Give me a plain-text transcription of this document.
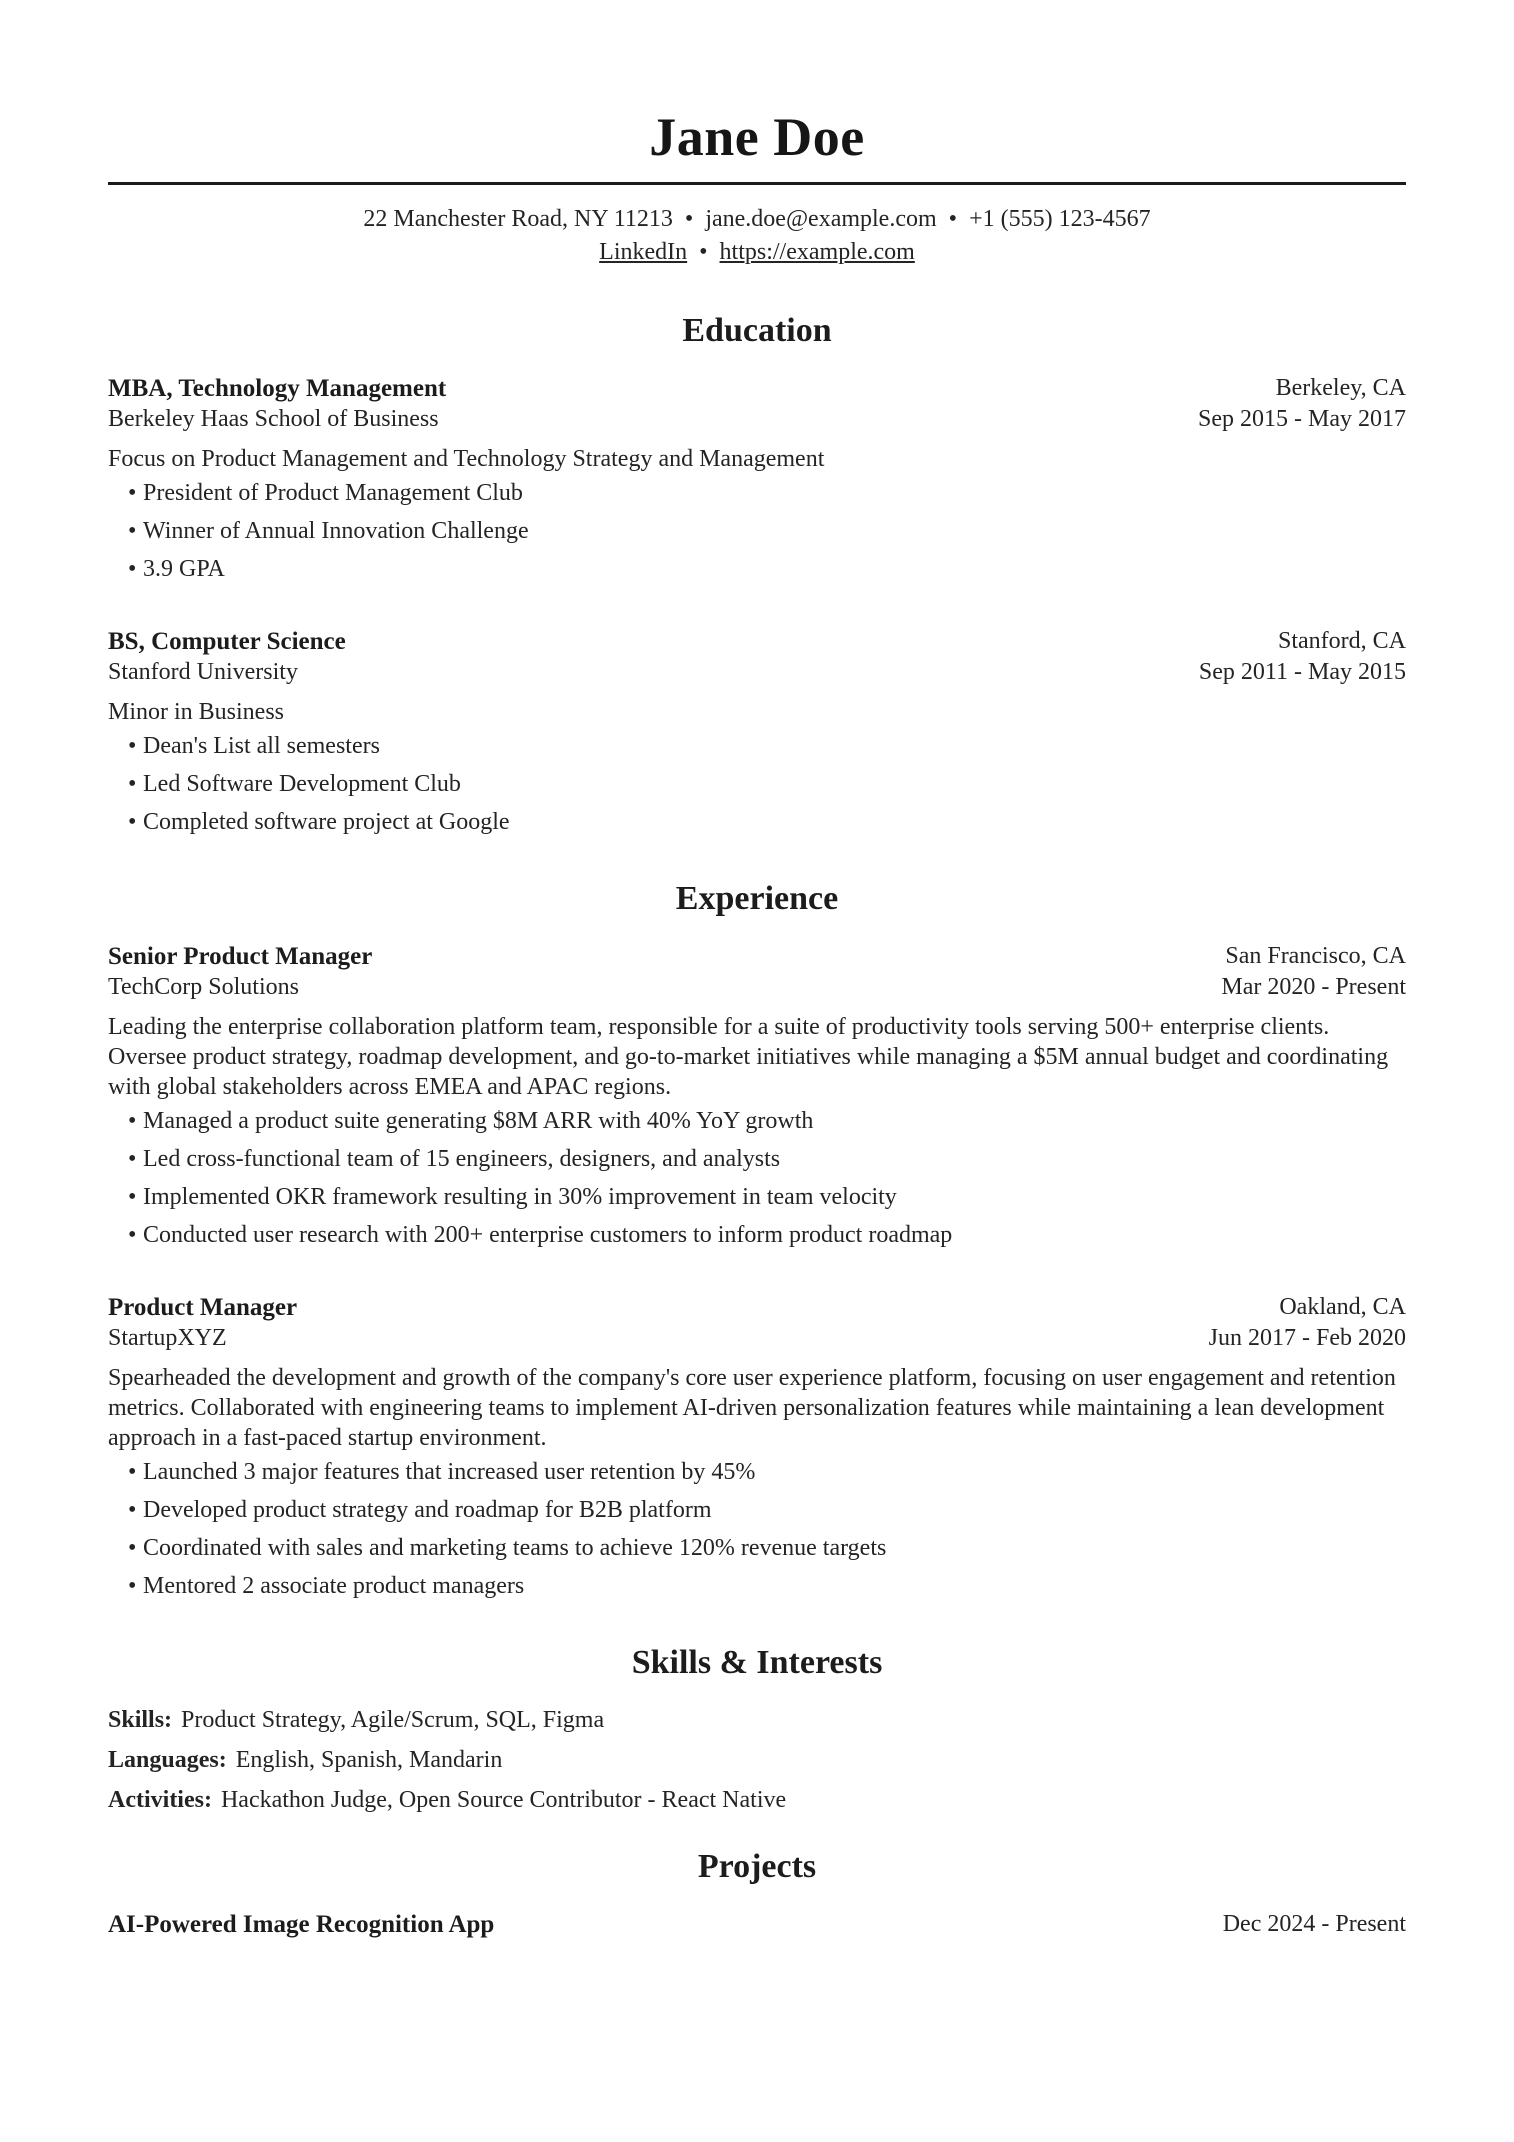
Jane Doe
22 Manchester Road, NY 11213 • jane.doe@example.com • +1 (555) 123-4567
LinkedIn • https://example.com
Education
MBA, Technology Management
Berkeley Haas School of Business
Berkeley, CA
Sep 2015 - May 2017

Focus on Product Management and Technology Strategy and Management

• President of Product Management Club
• Winner of Annual Innovation Challenge
• 3.9 GPA
BS, Computer Science
Stanford University
Stanford, CA
Sep 2011 - May 2015

Minor in Business

• Dean's List all semesters
• Led Software Development Club
• Completed software project at Google
Experience
Senior Product Manager
TechCorp Solutions
San Francisco, CA
Mar 2020 - Present

Leading the enterprise collaboration platform team, responsible for a suite of productivity tools serving 500+ enterprise clients. Oversee product strategy, roadmap development, and go-to-market initiatives while managing a $5M annual budget and coordinating with global stakeholders across EMEA and APAC regions.

• Managed a product suite generating $8M ARR with 40% YoY growth
• Led cross-functional team of 15 engineers, designers, and analysts
• Implemented OKR framework resulting in 30% improvement in team velocity
• Conducted user research with 200+ enterprise customers to inform product roadmap
Product Manager
StartupXYZ
Oakland, CA
Jun 2017 - Feb 2020

Spearheaded the development and growth of the company's core user experience platform, focusing on user engagement and retention metrics. Collaborated with engineering teams to implement AI-driven personalization features while maintaining a lean development approach in a fast-paced startup environment.

• Launched 3 major features that increased user retention by 45%
• Developed product strategy and roadmap for B2B platform
• Coordinated with sales and marketing teams to achieve 120% revenue targets
• Mentored 2 associate product managers
Skills & Interests
Skills: Product Strategy, Agile/Scrum, SQL, Figma
Languages: English, Spanish, Mandarin
Activities: Hackathon Judge, Open Source Contributor - React Native
Projects
AI-Powered Image Recognition App	Dec 2024 - Present
